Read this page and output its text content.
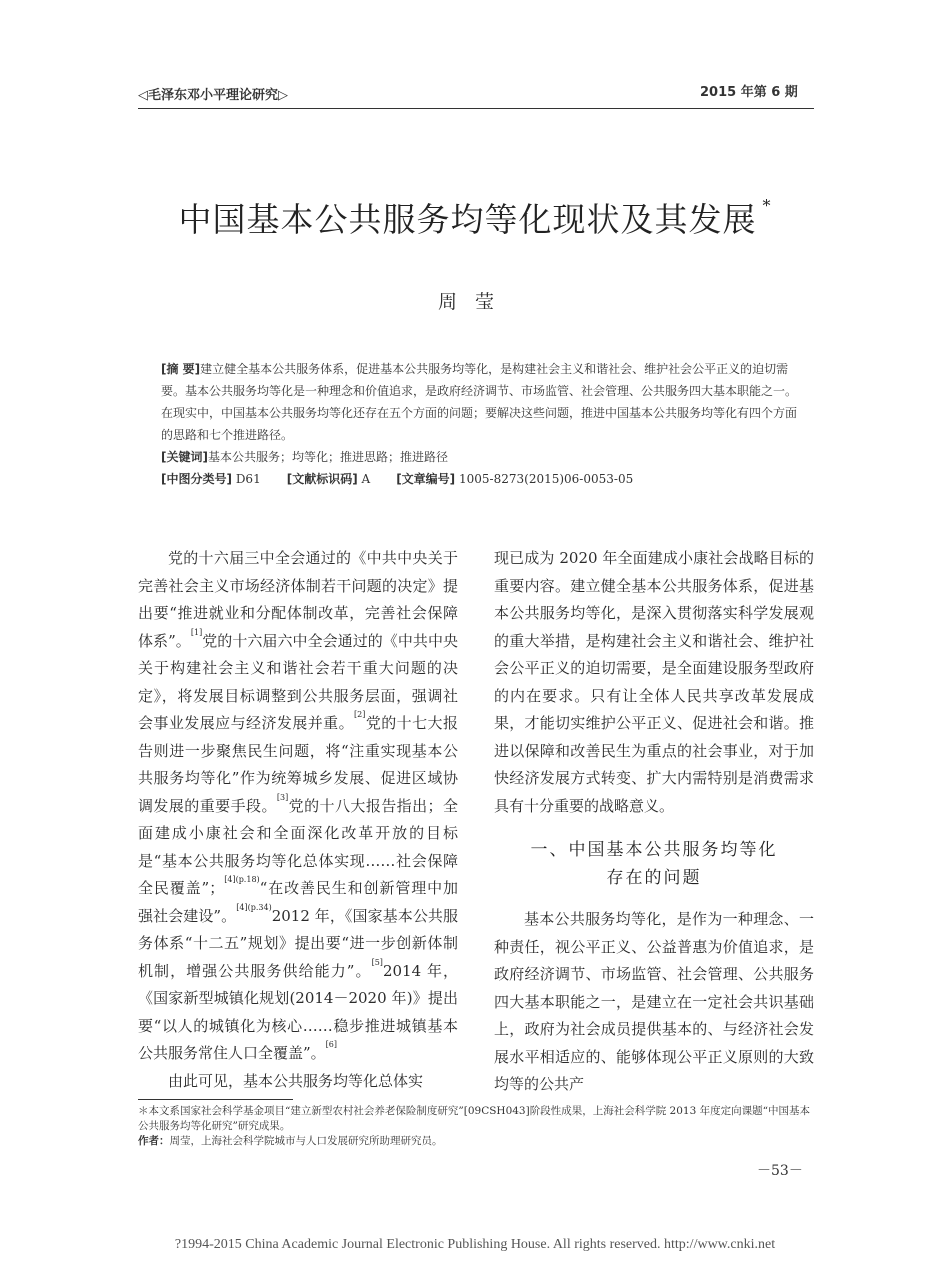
◁毛泽东邓小平理论研究▷	2015 年第 6 期
中国基本公共服务均等化现状及其发展 *
周莹
[摘 要]建立健全基本公共服务体系，促进基本公共服务均等化，是构建社会主义和谐社会、维护社会公平正义的迫切需要。基本公共服务均等化是一种理念和价值追求，是政府经济调节、市场监管、社会管理、公共服务四大基本职能之一。在现实中，中国基本公共服务均等化还存在五个方面的问题；要解决这些问题，推进中国基本公共服务均等化有四个方面的思路和七个推进路径。
[关键词]基本公共服务；均等化；推进思路；推进路径
[中图分类号] D61 [文献标识码] A [文章编号] 1005-8273(2015)06-0053-05

党的十六届三中全会通过的《中共中央关于完善社会主义市场经济体制若干问题的决定》提出要“推进就业和分配体制改革，完善社会保障体系”。[1]党的十六届六中全会通过的《中共中央关于构建社会主义和谐社会若干重大问题的决定》，将发展目标调整到公共服务层面，强调社会事业发展应与经济发展并重。[2]党的十七大报告则进一步聚焦民生问题，将“注重实现基本公共服务均等化”作为统筹城乡发展、促进区域协调发展的重要手段。[3]党的十八大报告指出；全面建成小康社会和全面深化改革开放的目标是“基本公共服务均等化总体实现……社会保障全民覆盖”；$^{[4](p.18)}$“在改善民生和创新管理中加强社会建设”。$^{[4](p.34)}$2012 年，《国家基本公共服务体系“十二五”规划》提出要“进一步创新体制机制，增强公共服务供给能力”。[5]2014 年，《国家新型城镇化规划(2014－2020 年)》提出要“以人的城镇化为核心……稳步推进城镇基本公共服务常住人口全覆盖”。[6]

由此可见，基本公共服务均等化总体实

现已成为 2020 年全面建成小康社会战略目标的重要内容。建立健全基本公共服务体系，促进基本公共服务均等化，是深入贯彻落实科学发展观的重大举措，是构建社会主义和谐社会、维护社会公平正义的迫切需要，是全面建设服务型政府的内在要求。只有让全体人民共享改革发展成果，才能切实维护公平正义、促进社会和谐。推进以保障和改善民生为重点的社会事业，对于加快经济发展方式转变、扩大内需特别是消费需求具有十分重要的战略意义。

一、中国基本公共服务均等化
存在的问题

基本公共服务均等化，是作为一种理念、一种责任，视公平正义、公益普惠为价值追求，是政府经济调节、市场监管、社会管理、公共服务四大基本职能之一，是建立在一定社会共识基础上，政府为社会成员提供基本的、与经济社会发展水平相适应的、能够体现公平正义原则的大致均等的公共产

＊本文系国家社会科学基金项目“建立新型农村社会养老保险制度研究”[09CSH043]阶段性成果，上海社会科学院 2013 年度定向课题“中国基本公共服务均等化研究”研究成果。

作者：周莹，上海社会科学院城市与人口发展研究所助理研究员。

－53－
?1994-2015 China Academic Journal Electronic Publishing House. All rights reserved. http://www.cnki.net
